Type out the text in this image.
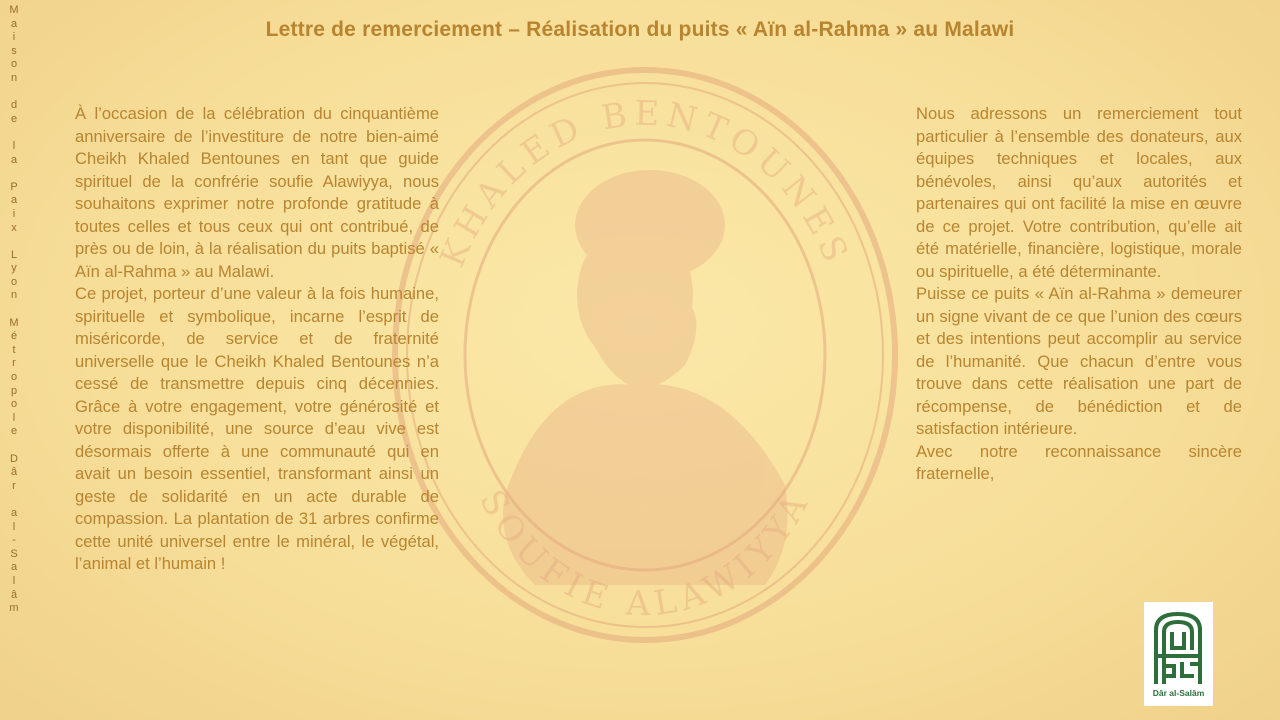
KHALED BENTOUNES
SOUFIE ALAWIYYA
M
a
i
s
o
n
d
e
l
a
P
a
i
x
L
y
o
n
M
é
t
r
o
p
o
l
e
D
â
r
a
l
-
S
a
l
â
m
Lettre de remerciement – Réalisation du puits « Aïn al-Rahma » au Malawi

À l’occasion de la célébration du cinquantième anniversaire de l’investiture de notre bien-aimé Cheikh Khaled Bentounes en tant que guide spirituel de la confrérie soufie Alawiyya, nous souhaitons exprimer notre profonde gratitude à toutes celles et tous ceux qui ont contribué, de près ou de loin, à la réalisation du puits baptisé « Aïn al-Rahma » au Malawi.

Ce projet, porteur d’une valeur à la fois humaine, spirituelle et symbolique, incarne l’esprit de miséricorde, de service et de fraternité universelle que le Cheikh Khaled Bentounes n’a cessé de transmettre depuis cinq décennies. Grâce à votre engagement, votre générosité et votre disponibilité, une source d’eau vive est désormais offerte à une communauté qui en avait un besoin essentiel, transformant ainsi un geste de solidarité en un acte durable de compassion. La plantation de 31 arbres confirme cette unité universel entre le minéral, le végétal, l’animal et l’humain !

Nous adressons un remerciement tout particulier à l’ensemble des donateurs, aux équipes techniques et locales, aux bénévoles, ainsi qu’aux autorités et partenaires qui ont facilité la mise en œuvre de ce projet. Votre contribution, qu’elle ait été matérielle, financière, logistique, morale ou spirituelle, a été déterminante.

Puisse ce puits « Aïn al-Rahma » demeurer un signe vivant de ce que l’union des cœurs et des intentions peut accomplir au service de l’humanité. Que chacun d’entre vous trouve dans cette réalisation une part de récompense, de bénédiction et de satisfaction intérieure.

Avec notre reconnaissance sincère fraternelle,

Dâr al-Salâm
